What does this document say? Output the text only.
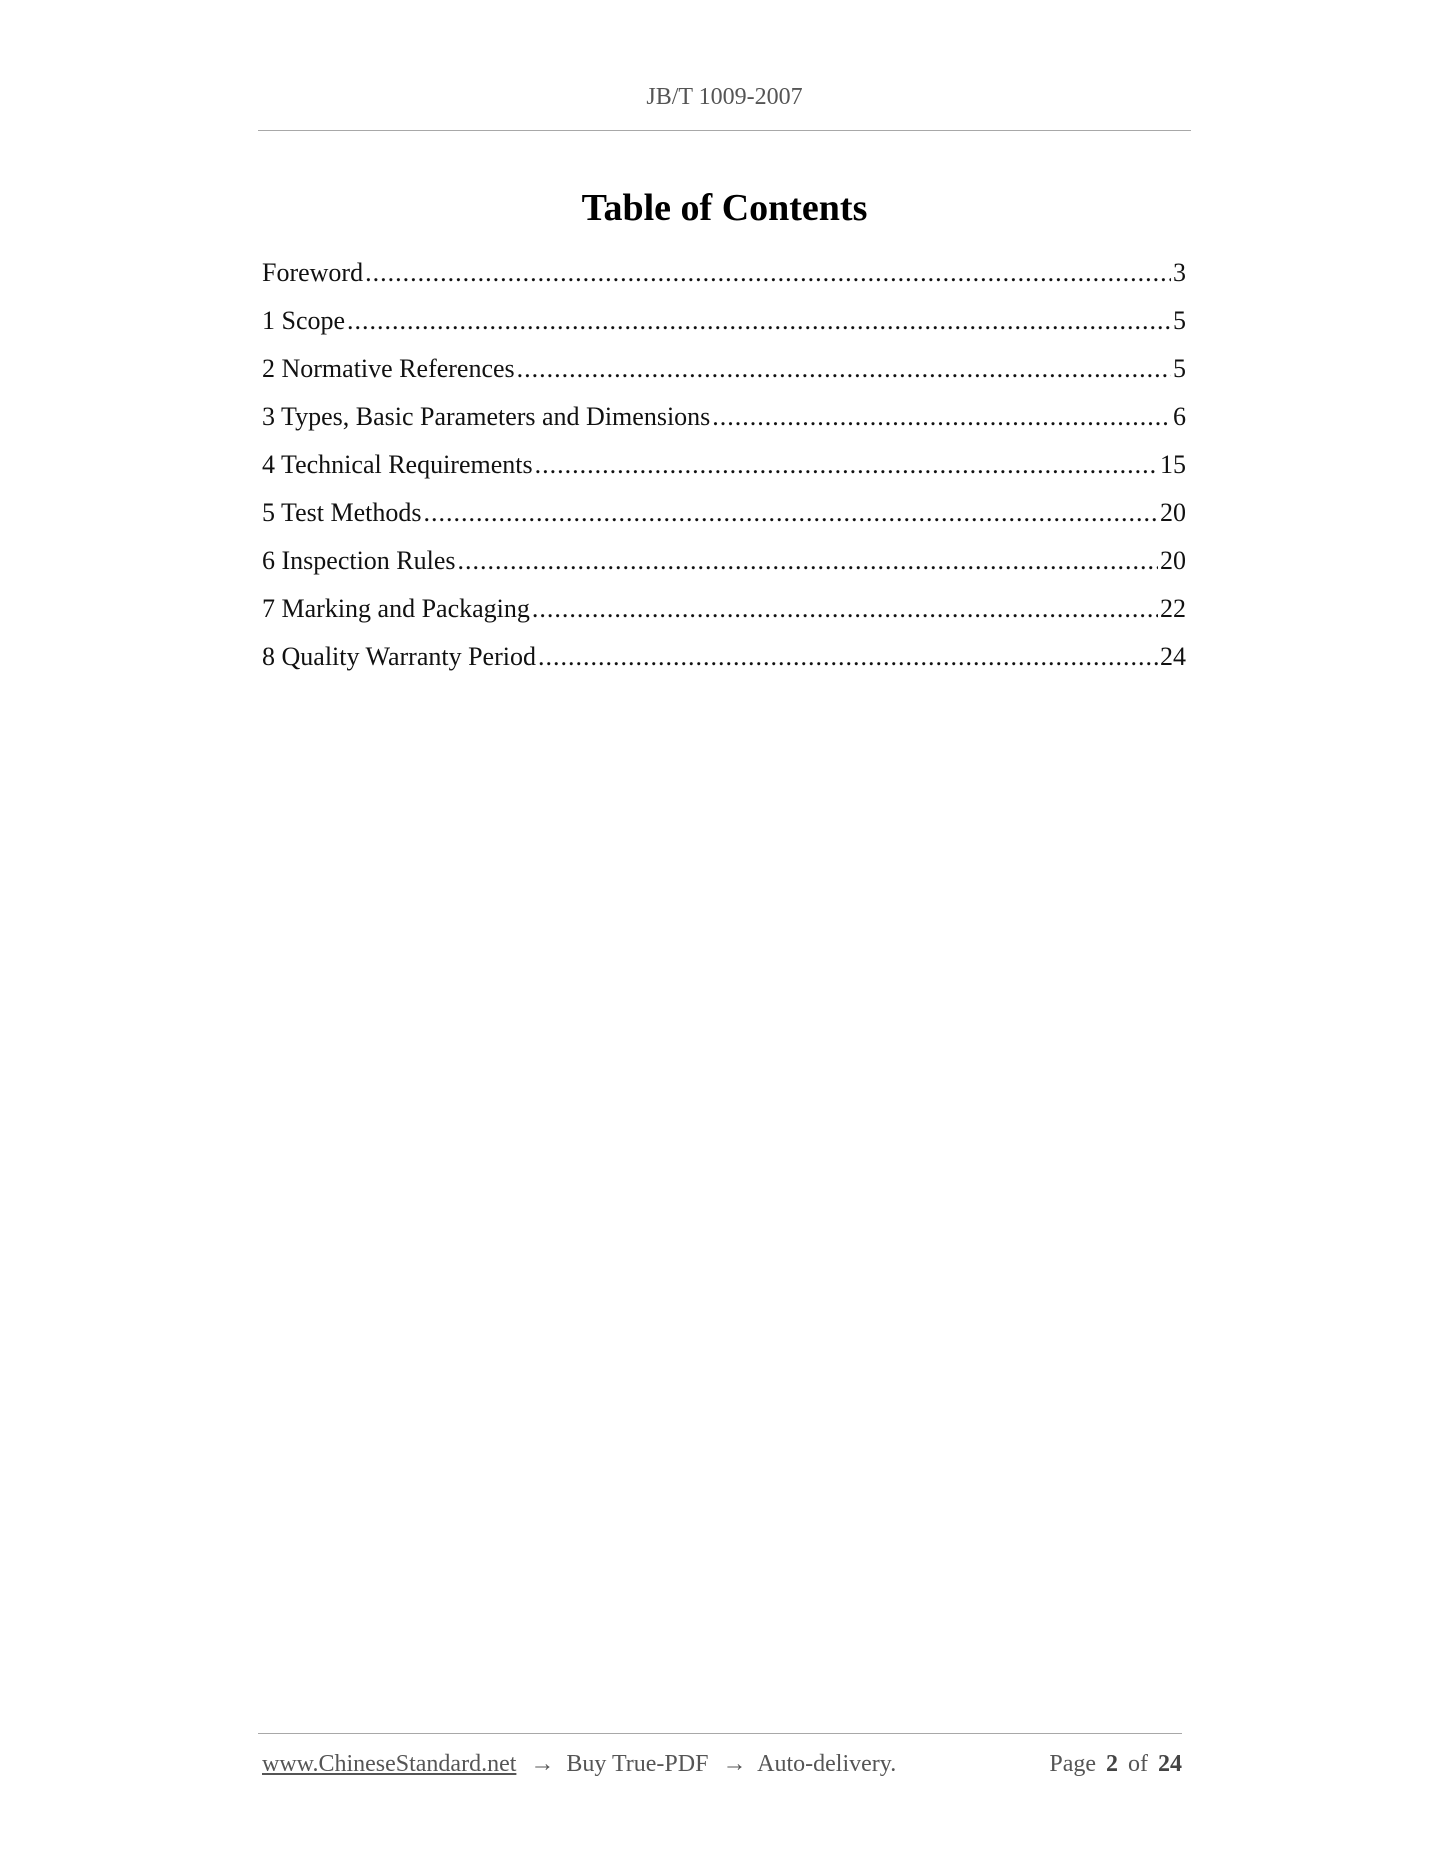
JB/T 1009-2007
Table of Contents
Foreword .....	3
1 Scope .....	5
2 Normative References .....	5
3 Types, Basic Parameters and Dimensions .....	6
4 Technical Requirements .....	15
5 Test Methods .....	20
6 Inspection Rules .....	20
7 Marking and Packaging .....	22
8 Quality Warranty Period .....	24
www.ChineseStandard.net → Buy True-PDF → Auto-delivery.	Page 2 of 24
